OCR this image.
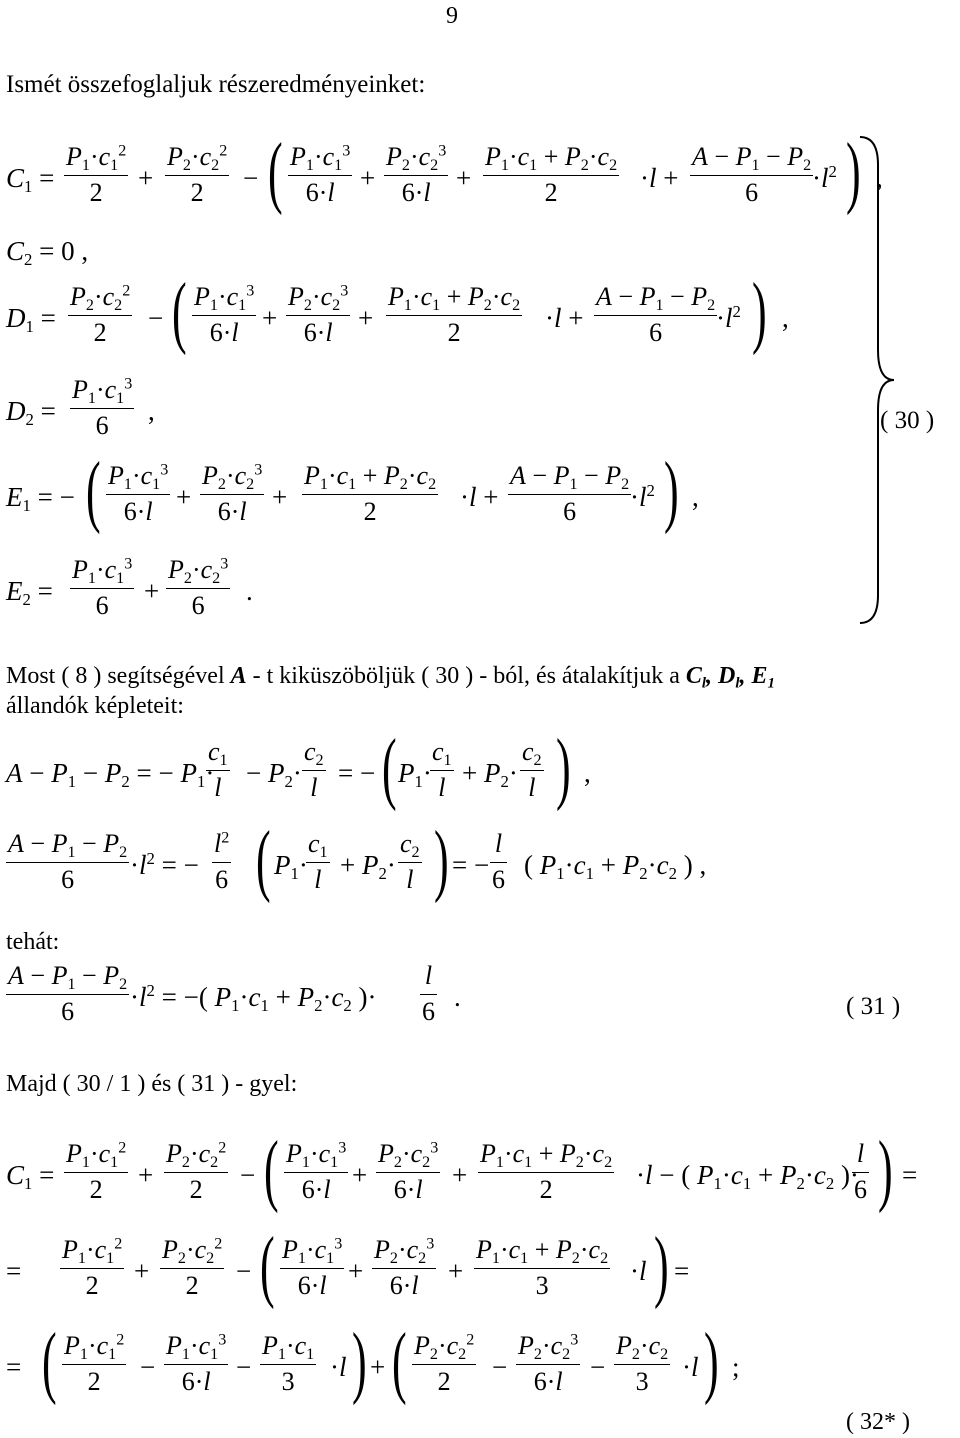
9
Ismét összefoglaljuk részeredményeinket:
$C_1$ =
$P_1\cdot c_1^2$
2 +
$P_2\cdot c_2^2$
2 − ( $P_1\cdot c_1^3$
6·l +
$P_2\cdot c_2^3$
6·l +
$P_1\cdot c_1 + P_2\cdot c_2$
2	·l +
$A - P_1 - P_2$
$6 \cdot l^2$ ) ,
$C_2 = 0$ ,
$D_1$ =
$P_2\cdot c_2^2$
2 − ( $P_1\cdot c_1^3$
6·l +
$P_2\cdot c_2^3$
6·l +
$P_1\cdot c_1 + P_2\cdot c_2$
2	·l +
$A - P_1 - P_2$
$6 \cdot l^2$ ) ,
$D_2$ =
$P_1\cdot c_1^3$
6 ,
$E_1$ = − ( $P_1\cdot c_1^3$
6·l +
$P_2\cdot c_2^3$
6·l +
$P_1\cdot c_1 + P_2\cdot c_2$
2	·l +
$A - P_1 - P_2$
$6 \cdot l^2$ ) ,
$E_2$ =
$P_1\cdot c_1^3$
6 +
$P_2\cdot c_2^3$
6 .
( 30 )
Most ( 8 ) segítségével A - t kiküszöböljük ( 30 ) - ból, és átalakítjuk a $C_l$, $D_l$, $E_1$
állandók képleteit:
$A - P_1 - P_2$ = − $P_1\cdot$
$c_1$
$l - P_2\cdot$
$c_2$
l = − ( $P_1\cdot$
$c_1$
$l + P_2\cdot$
$c_2$
l ) ,
$A - P_1 - P_2$
$6 \cdot l^2$ = −
$l^2$
6 ( $P_1\cdot$
$c_1$
$l + P_2\cdot$
$c_2$
l ) = −
l
6 ( $P_1\cdot c_1 + P_2\cdot c_2$ ) ,
tehát:
$A - P_1 - P_2$
$6 \cdot l^2$ = −( $P_1\cdot c_1 + P_2\cdot c_2$ )·
l
6 .	( 31 )
Majd ( 30 / 1 ) és ( 31 ) - gyel:
$C_1$ =
$P_1\cdot c_1^2$
2 +
$P_2\cdot c_2^2$
2 − ( $P_1\cdot c_1^3$
6·l +
$P_2\cdot c_2^3$
6·l +
$P_1\cdot c_1 + P_2\cdot c_2$
2	·l − ( $P_1\cdot c_1 + P_2\cdot c_2$ )·
l
6 ) =
=
$P_1\cdot c_1^2$
2 +
$P_2\cdot c_2^2$
2 − ( $P_1\cdot c_1^3$
6·l +
$P_2\cdot c_2^3$
6·l +
$P_1\cdot c_1 + P_2\cdot c_2$
3	·l ) =
= ( $P_1\cdot c_1^2$
2 −
$P_1\cdot c_1^3$
6·l −
$P_1\cdot c_1$
3 ·l ) + ( $P_2\cdot c_2^2$
2 −
$P_2\cdot c_2^3$
6·l −
$P_2\cdot c_2$
3 ·l ) ;
( 32* )
